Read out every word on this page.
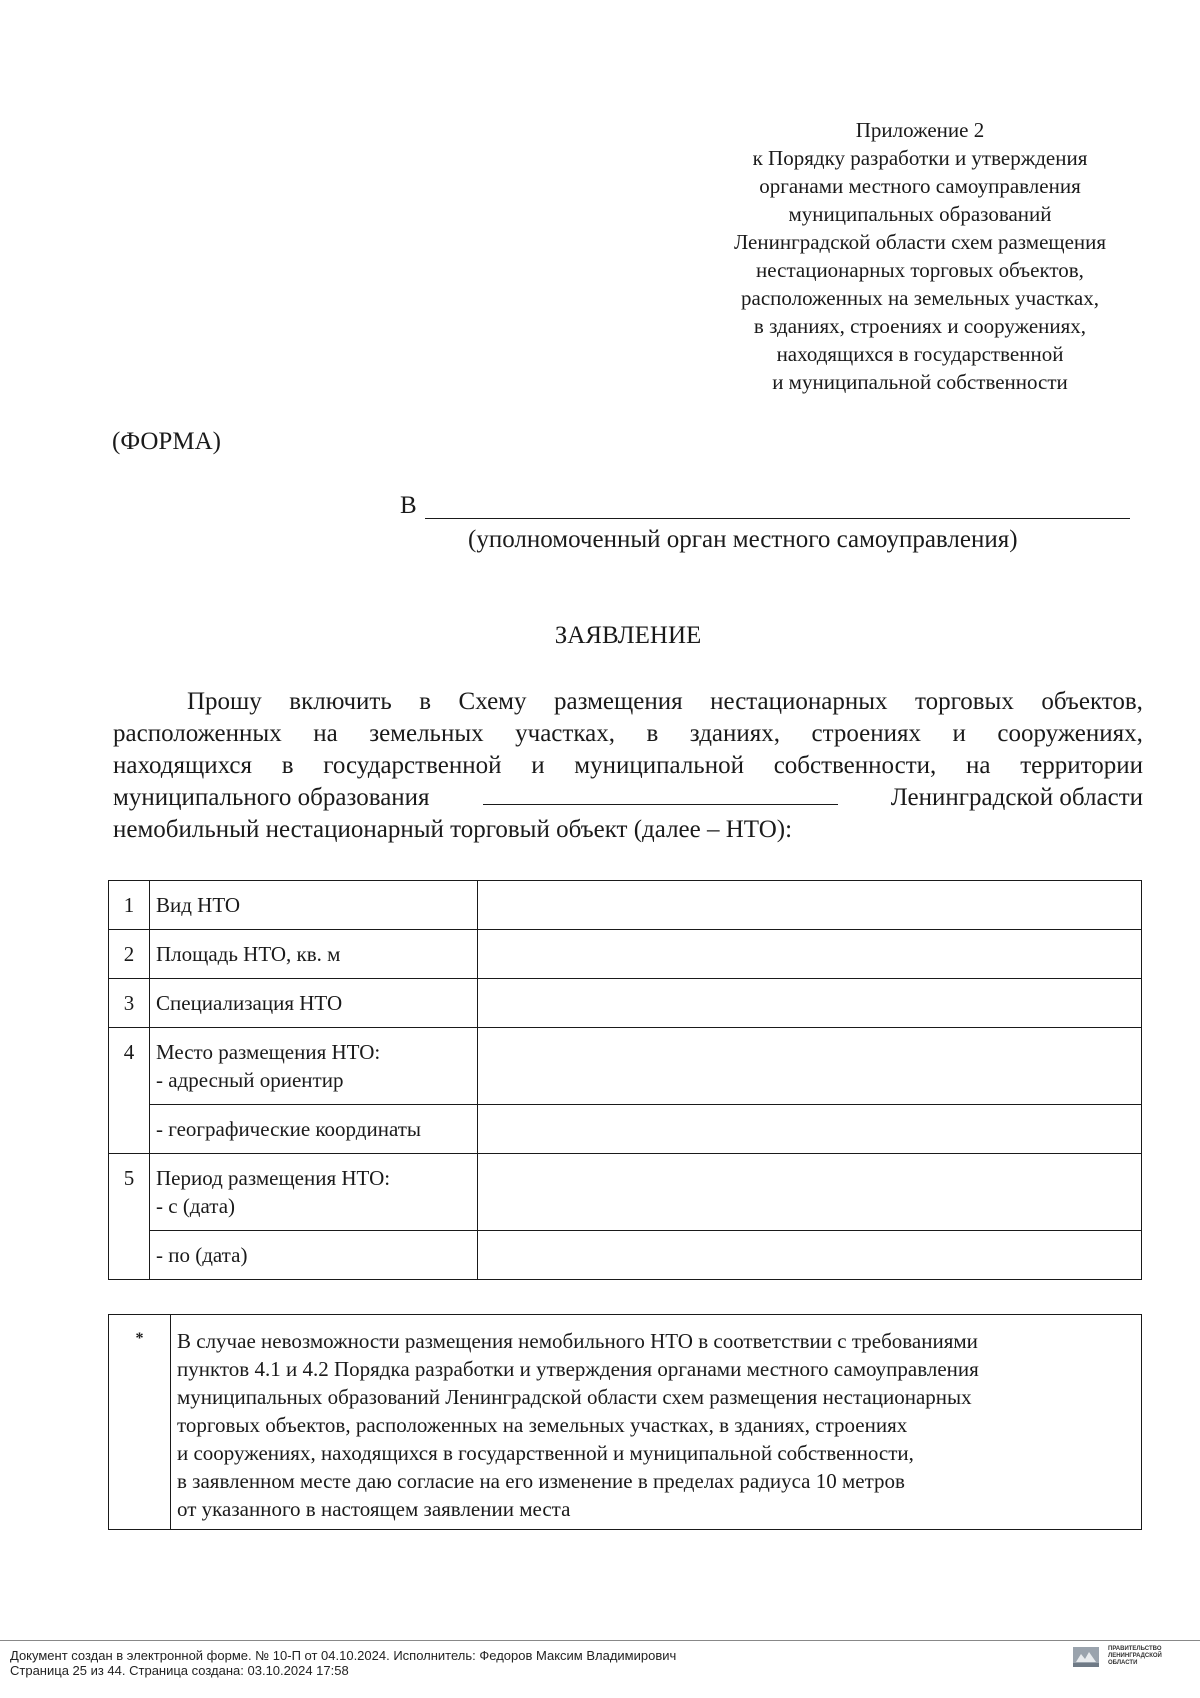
Приложение 2
к Порядку разработки и утверждения
органами местного самоуправления
муниципальных образований
Ленинградской области схем размещения
нестационарных торговых объектов,
расположенных на земельных участках,
в зданиях, строениях и сооружениях,
находящихся в государственной
и муниципальной собственности
(ФОРМА)
В
(уполномоченный орган местного самоуправления)
ЗАЯВЛЕНИЕ
Прошу включить в Схему размещения нестационарных торговых объектов,
расположенных на земельных участках, в зданиях, строениях и сооружениях,
находящихся в государственной и муниципальной собственности, на территории
муниципального образования	Ленинградской области
немобильный нестационарный торговый объект (далее – НТО):
1	Вид НТО	
2	Площадь НТО, кв. м	
3	Специализация НТО	
4	Место размещения НТО:
- адресный ориентир	

	- географические координаты	
5	Период размещения НТО:
- с (дата)	

	- по (дата)	
*	В случае невозможности размещения немобильного НТО в соответствии с требованиями
пунктов 4.1 и 4.2 Порядка разработки и утверждения органами местного самоуправления
муниципальных образований Ленинградской области схем размещения нестационарных
торговых объектов, расположенных на земельных участках, в зданиях, строениях
и сооружениях, находящихся в государственной и муниципальной собственности,
в заявленном месте даю согласие на его изменение в пределах радиуса 10 метров
от указанного в настоящем заявлении места
Документ создан в электронной форме. № 10-П от 04.10.2024. Исполнитель: Федоров Максим Владимирович
Страница 25 из 44. Страница создана: 03.10.2024 17:58
ПРАВИТЕЛЬСТВО
ЛЕНИНГРАДСКОЙ
ОБЛАСТИ
